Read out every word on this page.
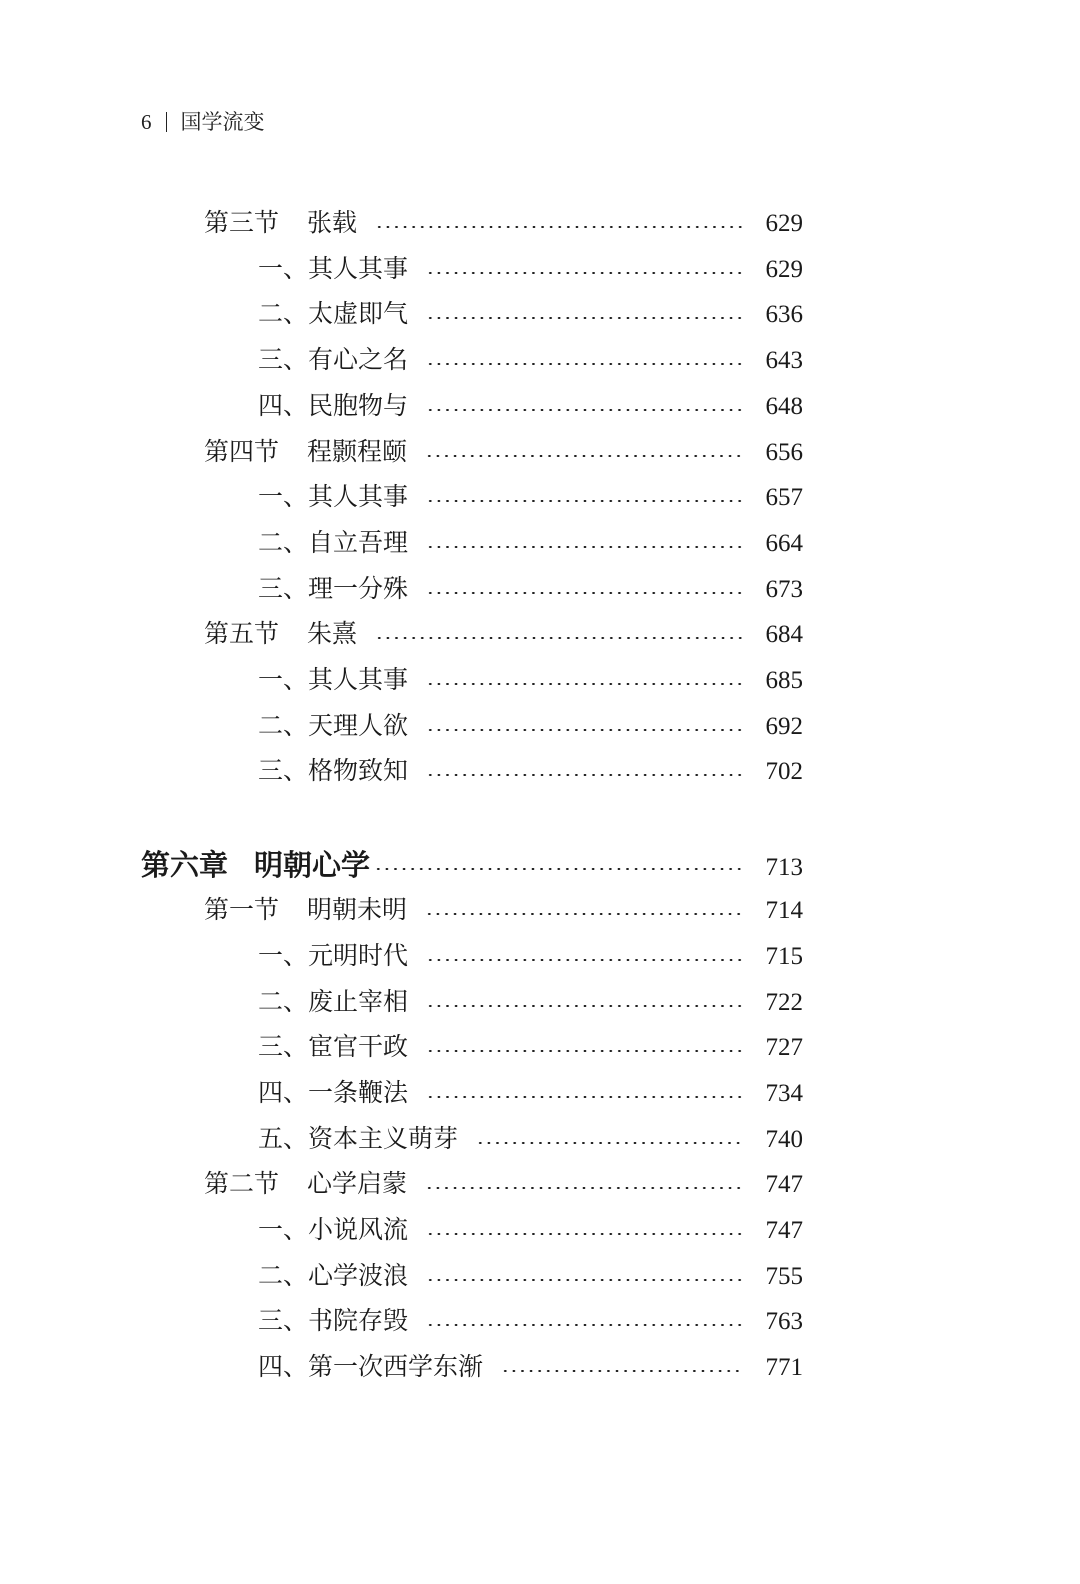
6 国学流变
第三节 张载	629
一、 其人其事	629
二、 太虚即气	636
三、 有心之名	643
四、 民胞物与	648
第四节 程颢程颐	656
一、 其人其事	657
二、 自立吾理	664
三、 理一分殊	673
第五节 朱熹	684
一、 其人其事	685
二、 天理人欲	692
三、 格物致知	702
第六章 明朝心学	713
第一节 明朝未明	714
一、 元明时代	715
二、 废止宰相	722
三、 宦官干政	727
四、 一条鞭法	734
五、 资本主义萌芽	740
第二节 心学启蒙	747
一、 小说风流	747
二、 心学波浪	755
三、 书院存毁	763
四、 第一次西学东渐	771
